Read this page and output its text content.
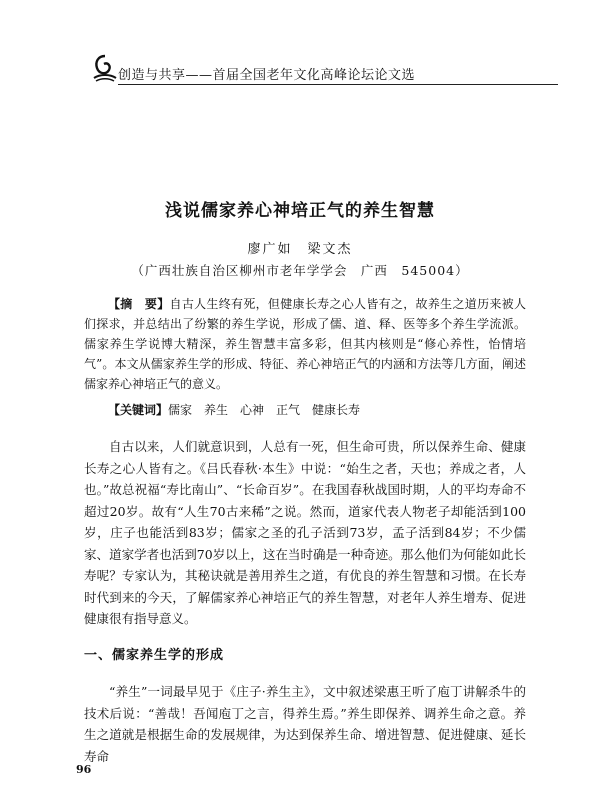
创造与共享——首届全国老年文化高峰论坛论文选
浅说儒家养心神培正气的养生智慧
廖广如　梁文杰
（广西壮族自治区柳州市老年学学会　广西　545004）

【摘　要】自古人生终有死，但健康长寿之心人皆有之，故养生之道历来被人们探求，并总结出了纷繁的养生学说，形成了儒、道、释、医等多个养生学流派。儒家养生学说博大精深，养生智慧丰富多彩，但其内核则是“修心养性，怡情培气”。本文从儒家养生学的形成、特征、养心神培正气的内涵和方法等几方面，阐述儒家养心神培正气的意义。

【关键词】儒家　养生　心神　正气　健康长寿

自古以来，人们就意识到，人总有一死，但生命可贵，所以保养生命、健康长寿之心人皆有之。《吕氏春秋·本生》中说：“始生之者，天也；养成之者，人也。”故总祝福“寿比南山”、“长命百岁”。在我国春秋战国时期，人的平均寿命不超过20岁。故有“人生70古来稀”之说。然而，道家代表人物老子却能活到100岁，庄子也能活到83岁；儒家之圣的孔子活到73岁，孟子活到84岁；不少儒家、道家学者也活到70岁以上，这在当时确是一种奇迹。那么他们为何能如此长寿呢？专家认为，其秘诀就是善用养生之道，有优良的养生智慧和习惯。在长寿时代到来的今天，了解儒家养心神培正气的养生智慧，对老年人养生增寿、促进健康很有指导意义。

一、儒家养生学的形成

“养生”一词最早见于《庄子·养生主》，文中叙述梁惠王听了庖丁讲解杀牛的技术后说：“善哉！吾闻庖丁之言，得养生焉。”养生即保养、调养生命之意。养生之道就是根据生命的发展规律，为达到保养生命、增进智慧、促进健康、延长寿命

96
